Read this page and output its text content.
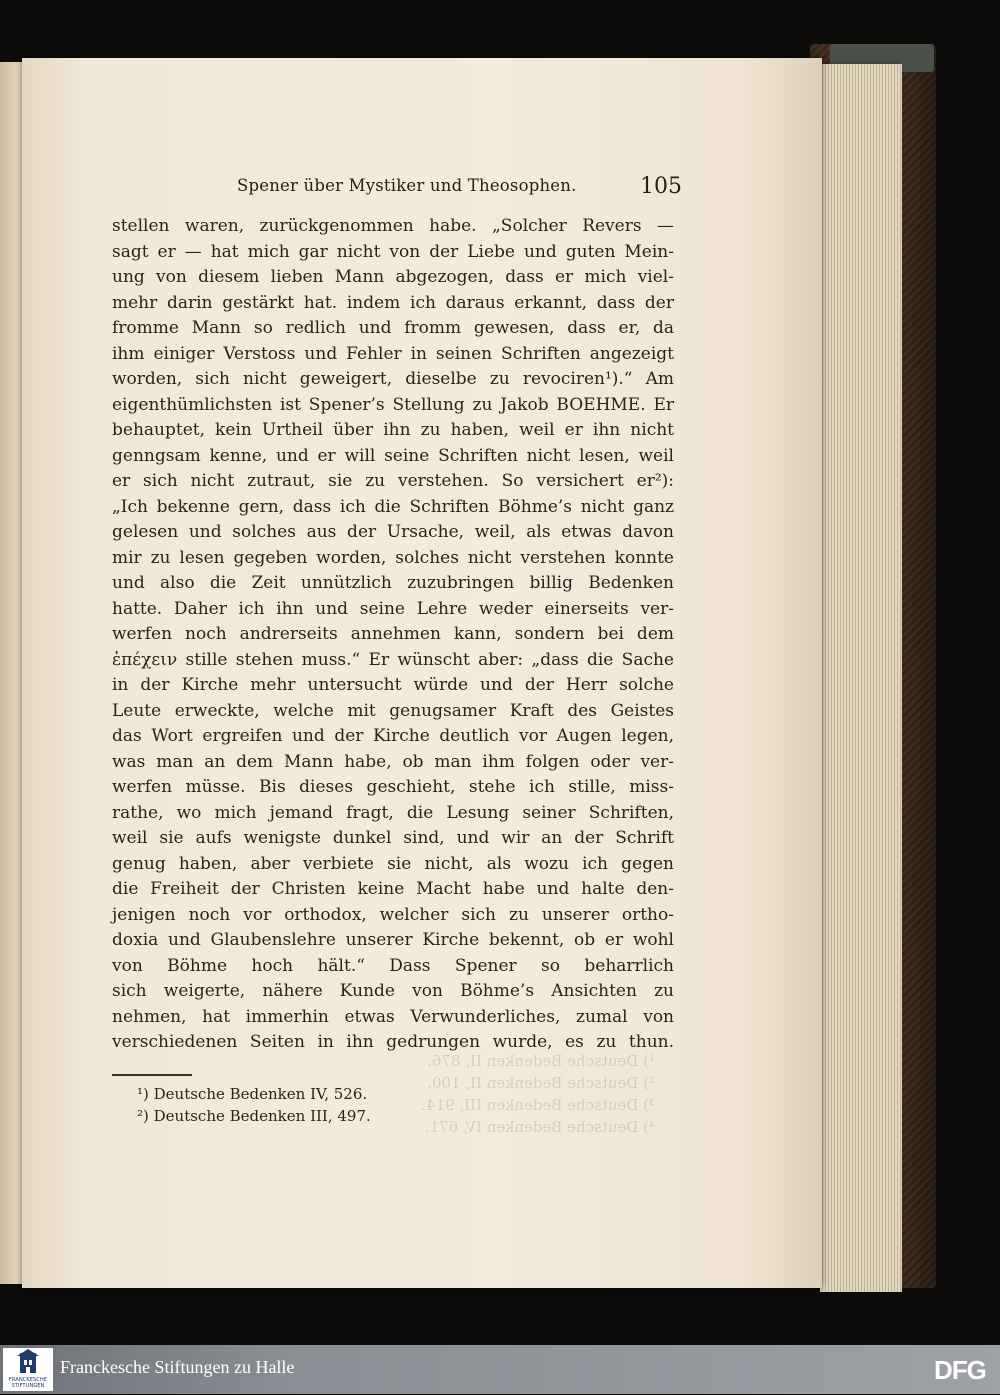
Spener über Mystiker und Theosophen.	105
stellen waren, zurückgenommen habe. „Solcher Revers —
sagt er — hat mich gar nicht von der Liebe und guten Mein-
ung von diesem lieben Mann abgezogen, dass er mich viel-
mehr darin gestärkt hat. indem ich daraus erkannt, dass der
fromme Mann so redlich und fromm gewesen, dass er, da
ihm einiger Verstoss und Fehler in seinen Schriften angezeigt
worden, sich nicht geweigert, dieselbe zu revociren¹).“ Am
eigenthümlichsten ist Spener’s Stellung zu Jakob BOEHME. Er
behauptet, kein Urtheil über ihn zu haben, weil er ihn nicht
genngsam kenne, und er will seine Schriften nicht lesen, weil
er sich nicht zutraut, sie zu verstehen. So versichert er²):
„Ich bekenne gern, dass ich die Schriften Böhme’s nicht ganz
gelesen und solches aus der Ursache, weil, als etwas davon
mir zu lesen gegeben worden, solches nicht verstehen konnte
und also die Zeit unnützlich zuzubringen billig Bedenken
hatte. Daher ich ihn und seine Lehre weder einerseits ver-
werfen noch andrerseits annehmen kann, sondern bei dem
ἐπέχειν stille stehen muss.“ Er wünscht aber: „dass die Sache
in der Kirche mehr untersucht würde und der Herr solche
Leute erweckte, welche mit genugsamer Kraft des Geistes
das Wort ergreifen und der Kirche deutlich vor Augen legen,
was man an dem Mann habe, ob man ihm folgen oder ver-
werfen müsse. Bis dieses geschieht, stehe ich stille, miss-
rathe, wo mich jemand fragt, die Lesung seiner Schriften,
weil sie aufs wenigste dunkel sind, und wir an der Schrift
genug haben, aber verbiete sie nicht, als wozu ich gegen
die Freiheit der Christen keine Macht habe und halte den-
jenigen noch vor orthodox, welcher sich zu unserer ortho-
doxia und Glaubenslehre unserer Kirche bekennt, ob er wohl
von Böhme hoch hält.“ Dass Spener so beharrlich
sich weigerte, nähere Kunde von Böhme’s Ansichten zu
nehmen, hat immerhin etwas Verwunderliches, zumal von
verschiedenen Seiten in ihn gedrungen wurde, es zu thun.
¹) Deutsche Bedenken II, 876.
²) Deutsche Bedenken II, 100.
³) Deutsche Bedenken III, 914.
⁴) Deutsche Bedenken IV, 671.
¹) Deutsche Bedenken IV, 526.
²) Deutsche Bedenken III, 497.
FRANCKESCHE
STIFTUNGEN
Franckesche Stiftungen zu Halle	DFG
